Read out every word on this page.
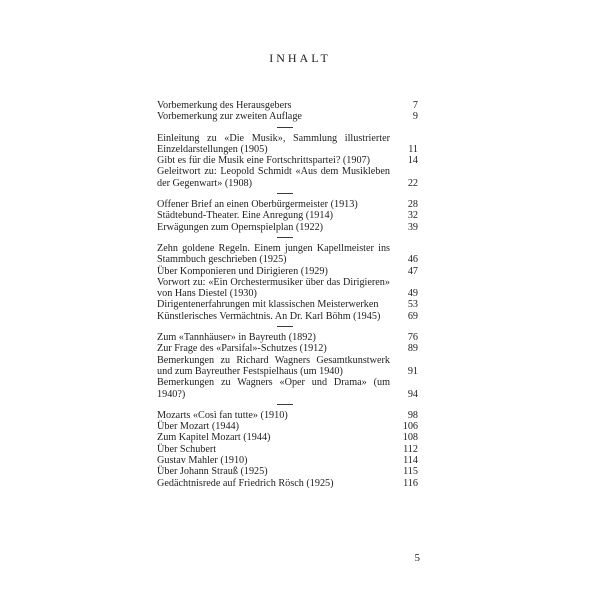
INHALT
Vorbemerkung des Herausgebers	7
Vorbemerkung zur zweiten Auflage	9
Einleitung zu «Die Musik», Sammlung illustrierter Einzeldarstellungen (1905)	11
Gibt es für die Musik eine Fortschrittspartei? (1907)	14
Geleitwort zu: Leopold Schmidt «Aus dem Musikleben der Gegenwart» (1908)	22
Offener Brief an einen Oberbürgermeister (1913)	28
Städtebund-Theater. Eine Anregung (1914)	32
Erwägungen zum Opernspielplan (1922)	39
Zehn goldene Regeln. Einem jungen Kapellmeister ins Stammbuch geschrieben (1925)	46
Über Komponieren und Dirigieren (1929)	47
Vorwort zu: «Ein Orchestermusiker über das Dirigieren» von Hans Diestel (1930)	49
Dirigentenerfahrungen mit klassischen Meisterwerken	53
Künstlerisches Vermächtnis. An Dr. Karl Böhm (1945)	69
Zum «Tannhäuser» in Bayreuth (1892)	76
Zur Frage des «Parsifal»-Schutzes (1912)	89
Bemerkungen zu Richard Wagners Gesamtkunstwerk und zum Bayreuther Festspielhaus (um 1940)	91
Bemerkungen zu Wagners «Oper und Drama» (um 1940?)	94
Mozarts «Così fan tutte» (1910)	98
Über Mozart (1944)	106
Zum Kapitel Mozart (1944)	108
Über Schubert	112
Gustav Mahler (1910)	114
Über Johann Strauß (1925)	115
Gedächtnisrede auf Friedrich Rösch (1925)	116
5
